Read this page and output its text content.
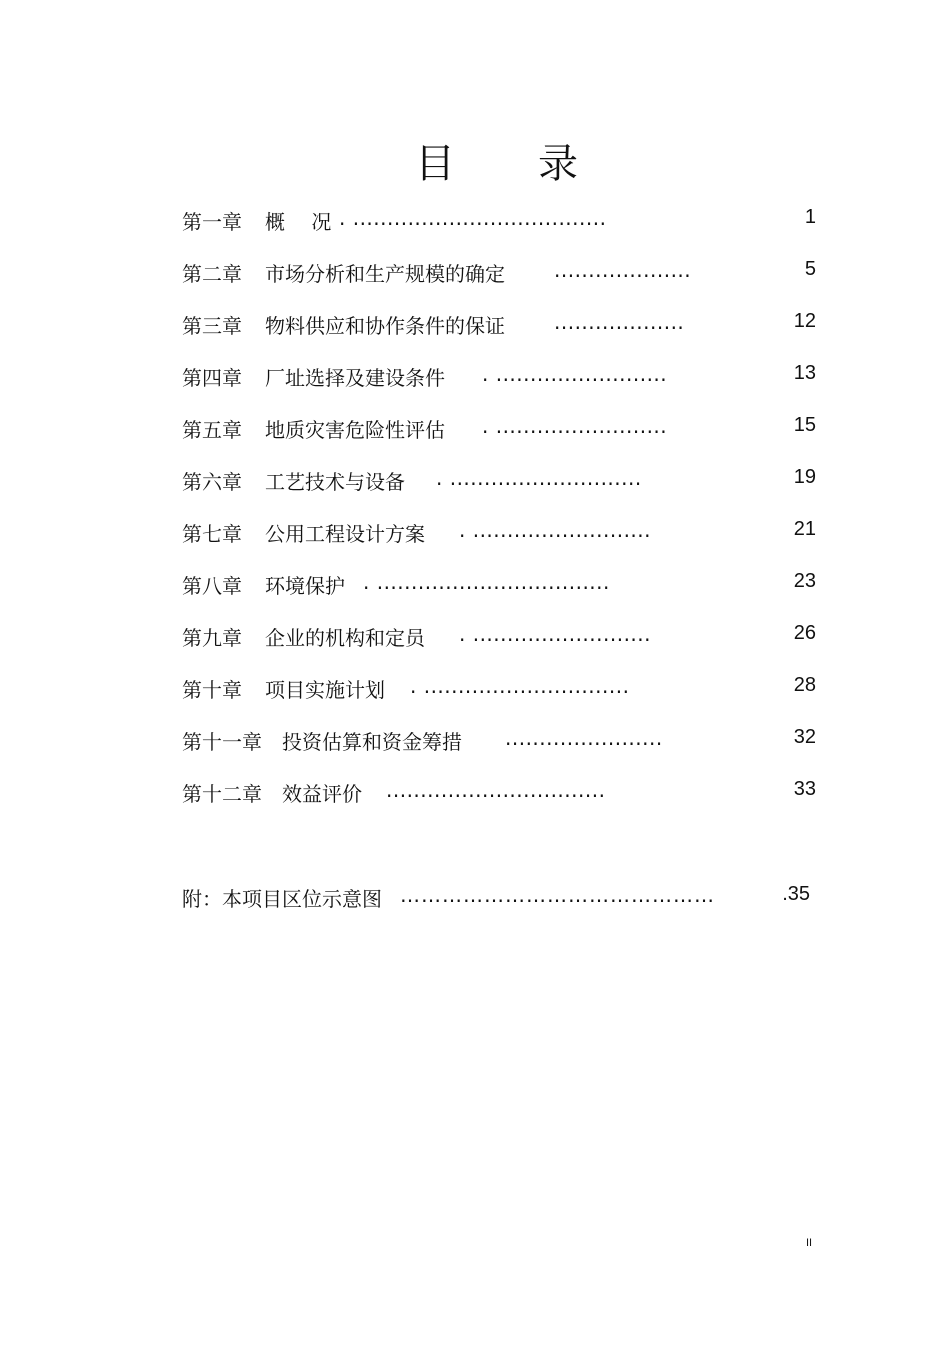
目 录
第一章 概　 况 . .....................................	1
第二章 市场分析和生产规模的确定 ....................	5
第三章 物料供应和协作条件的保证 ...................	12
第四章 厂址选择及建设条件 . .........................	13
第五章 地质灾害危险性评估 . .........................	15
第六章 工艺技术与设备 . ............................	19
第七章 公用工程设计方案 . ..........................	21
第八章 环境保护 . ..................................	23
第九章 企业的机构和定员 . ..........................	26
第十章 项目实施计划 . ..............................	28
第十一章 投资估算和资金筹措 .......................	32
第十二章 效益评价 ................................	33
附：本项目区位示意图 ………………………………………	.35
II
